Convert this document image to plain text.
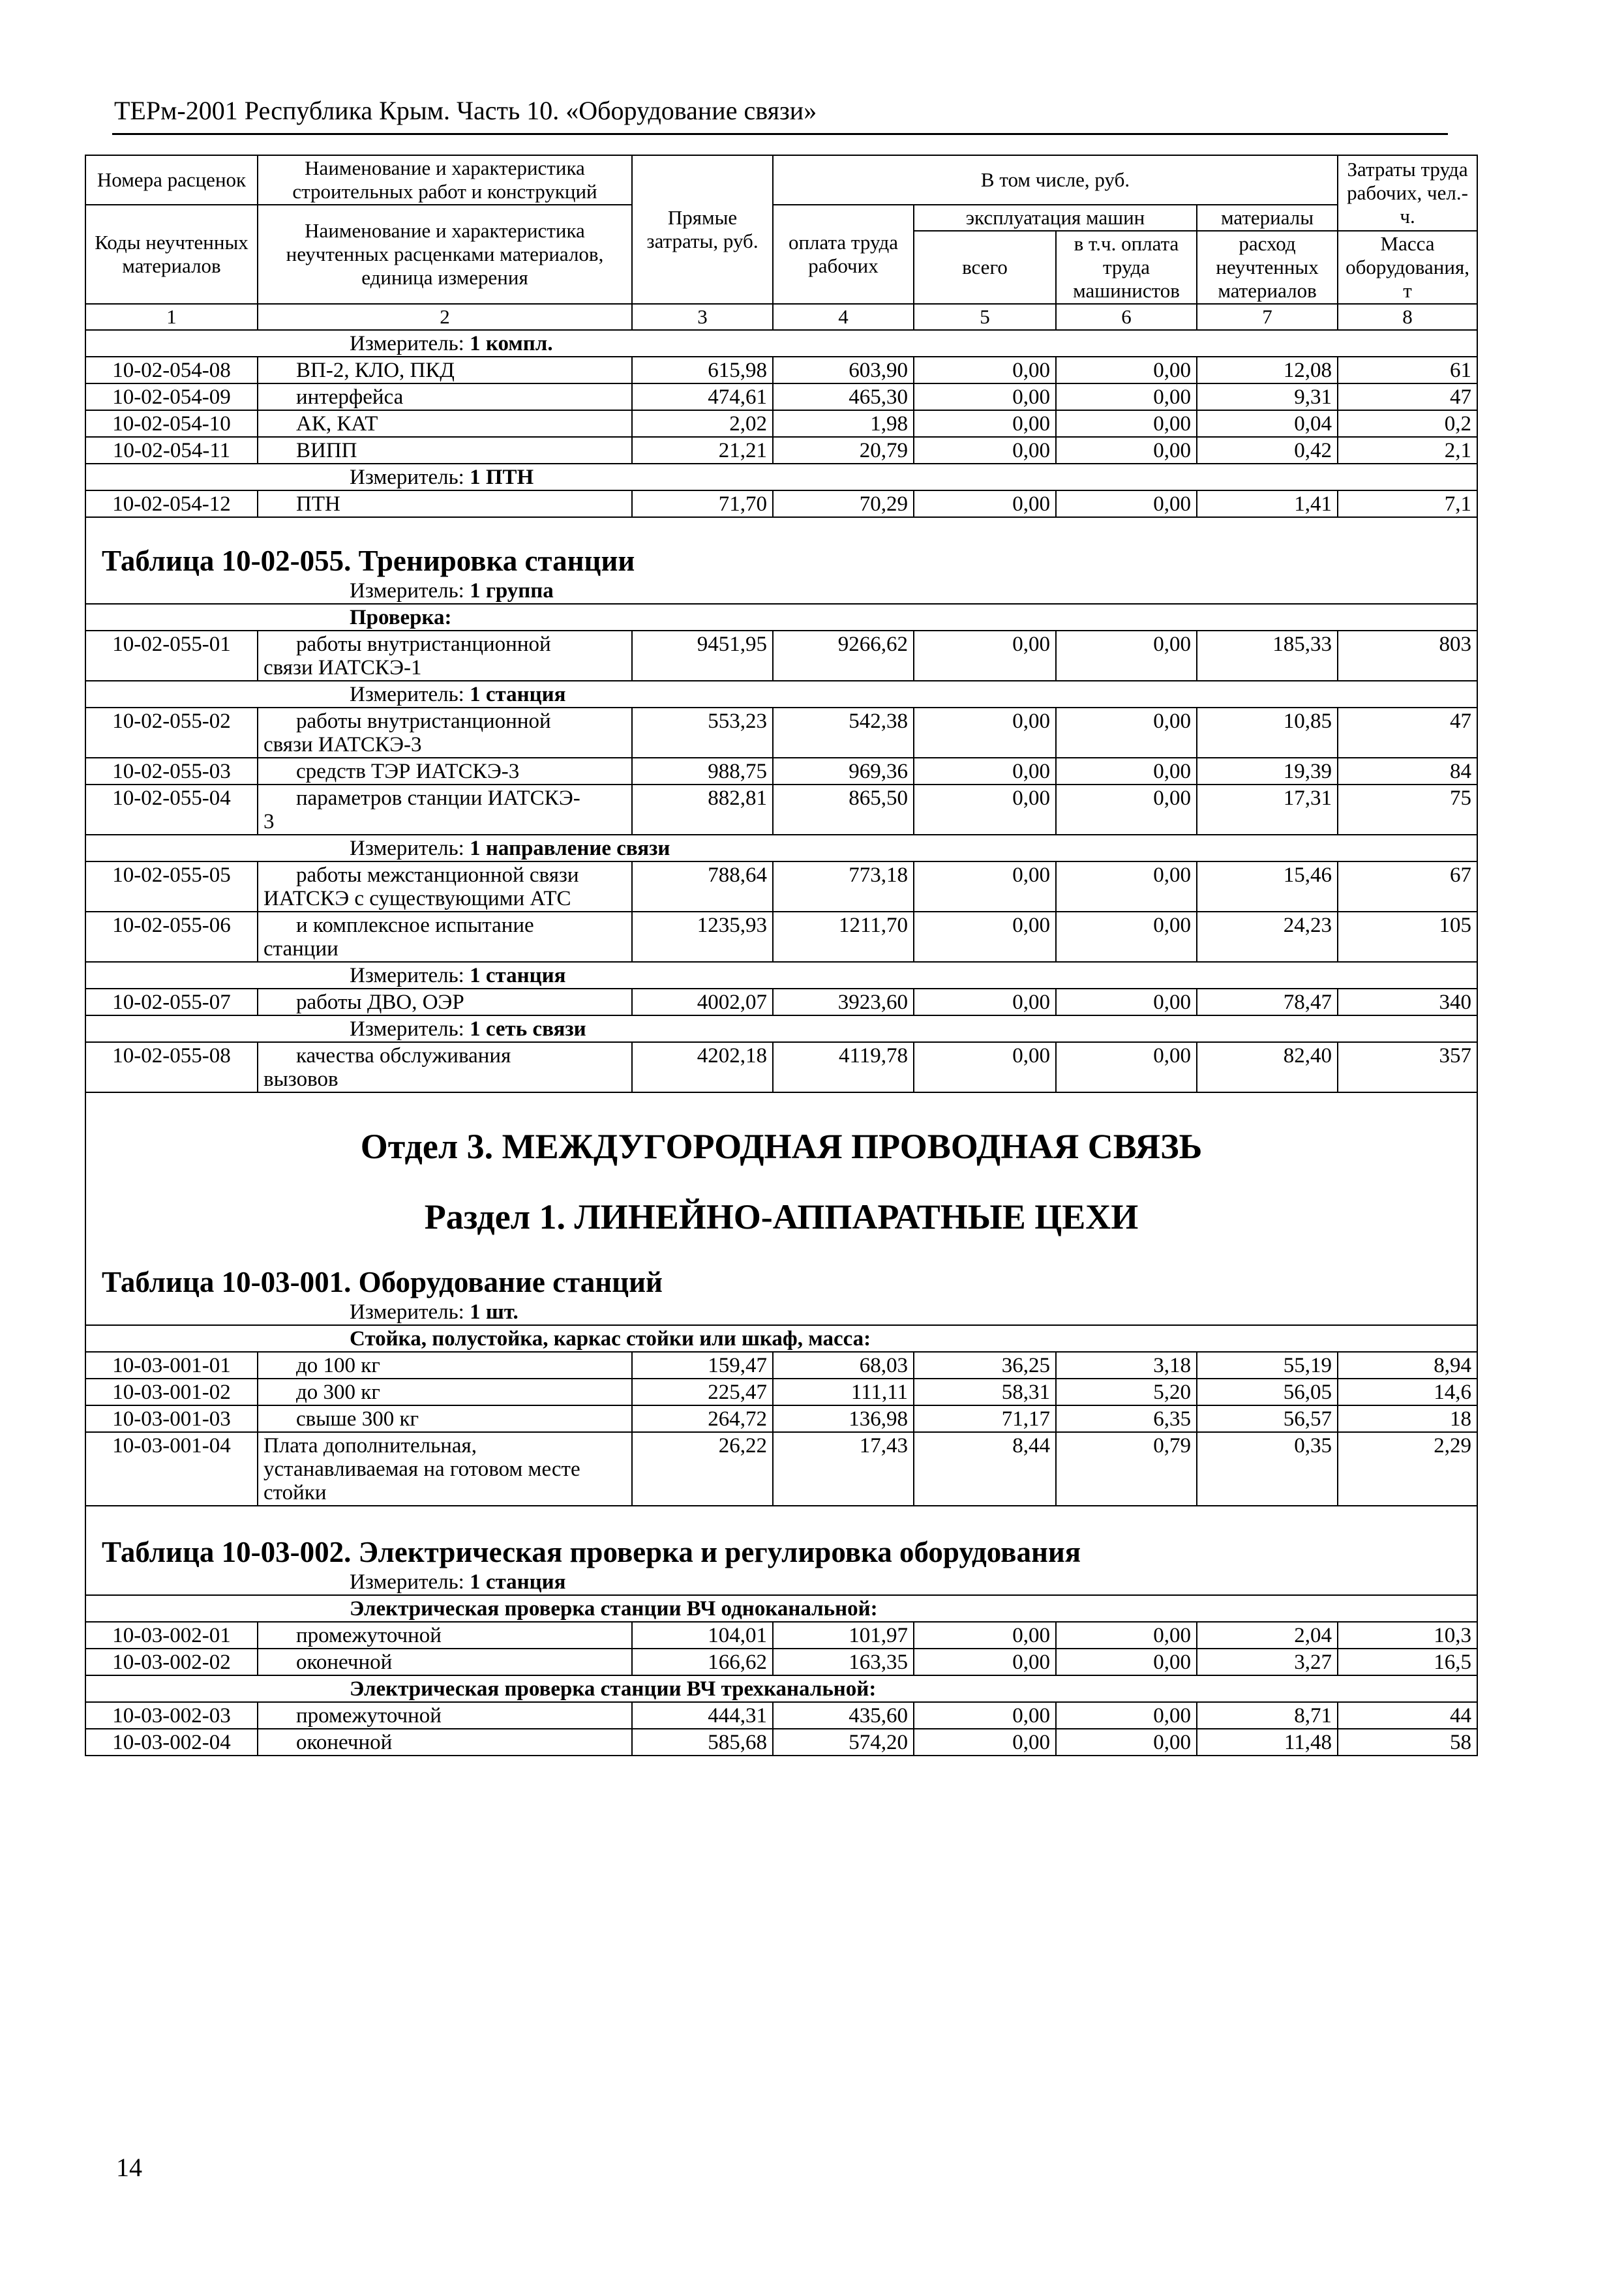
ТЕРм-2001 Республика Крым. Часть 10. «Оборудование связи»
Номера расценок	Наименование и характеристика строительных работ и конструкций	Прямые затраты, руб.	В том числе, руб.				Затраты труда рабочих, чел.-ч.
Коды неучтенных материалов	Наименование и характеристика неучтенных расценками материалов, единица измерения		оплата труда рабочих	эксплуатация машин		материалы	
				всего	в т.ч. оплата труда машинистов	расход неучтенных материалов	
							Масса оборудования, т
1	2	3	4	5	6	7	8
Измеритель: 1 компл.							
10-02-054-08	ВП-2, КЛО, ПКД	615,98	603,90	0,00	0,00	12,08	61
10-02-054-09	интерфейса	474,61	465,30	0,00	0,00	9,31	47
10-02-054-10	АК, КАТ	2,02	1,98	0,00	0,00	0,04	0,2
10-02-054-11	ВИПП	21,21	20,79	0,00	0,00	0,42	2,1
Измеритель: 1 ПТН							
10-02-054-12	ПТН	71,70	70,29	0,00	0,00	1,41	7,1

Таблица 10-02-055. Тренировка станции							

Измеритель: 1 группа							
Проверка:							
10-02-055-01	работы внутристанционной
связи ИАТСКЭ-1	9451,95	9266,62	0,00	0,00	185,33	803
Измеритель: 1 станция							
10-02-055-02	работы внутристанционной
связи ИАТСКЭ-3	553,23	542,38	0,00	0,00	10,85	47
10-02-055-03	средств ТЭР ИАТСКЭ-3	988,75	969,36	0,00	0,00	19,39	84
10-02-055-04	параметров станции ИАТСКЭ-
3	882,81	865,50	0,00	0,00	17,31	75
Измеритель: 1 направление связи							
10-02-055-05	работы межстанционной связи
ИАТСКЭ с существующими АТС	788,64	773,18	0,00	0,00	15,46	67
10-02-055-06	и комплексное испытание
станции	1235,93	1211,70	0,00	0,00	24,23	105
Измеритель: 1 станция							
10-02-055-07	работы ДВО, ОЭР	4002,07	3923,60	0,00	0,00	78,47	340
Измеритель: 1 сеть связи							
10-02-055-08	качества обслуживания
вызовов	4202,18	4119,78	0,00	0,00	82,40	357

Отдел 3. МЕЖДУГОРОДНАЯ ПРОВОДНАЯ СВЯЗЬ							

Раздел 1. ЛИНЕЙНО-АППАРАТНЫЕ ЦЕХИ							

Таблица 10-03-001. Оборудование станций							

Измеритель: 1 шт.							
Стойка, полустойка, каркас стойки или шкаф, масса:							
10-03-001-01	до 100 кг	159,47	68,03	36,25	3,18	55,19	8,94
10-03-001-02	до 300 кг	225,47	111,11	58,31	5,20	56,05	14,6
10-03-001-03	свыше 300 кг	264,72	136,98	71,17	6,35	56,57	18
10-03-001-04	Плата дополнительная,
устанавливаемая на готовом месте
стойки	26,22	17,43	8,44	0,79	0,35	2,29

Таблица 10-03-002. Электрическая проверка и регулировка оборудования							

Измеритель: 1 станция							
Электрическая проверка станции ВЧ одноканальной:							
10-03-002-01	промежуточной	104,01	101,97	0,00	0,00	2,04	10,3
10-03-002-02	оконечной	166,62	163,35	0,00	0,00	3,27	16,5
Электрическая проверка станции ВЧ трехканальной:							
10-03-002-03	промежуточной	444,31	435,60	0,00	0,00	8,71	44
10-03-002-04	оконечной	585,68	574,20	0,00	0,00	11,48	58
14
